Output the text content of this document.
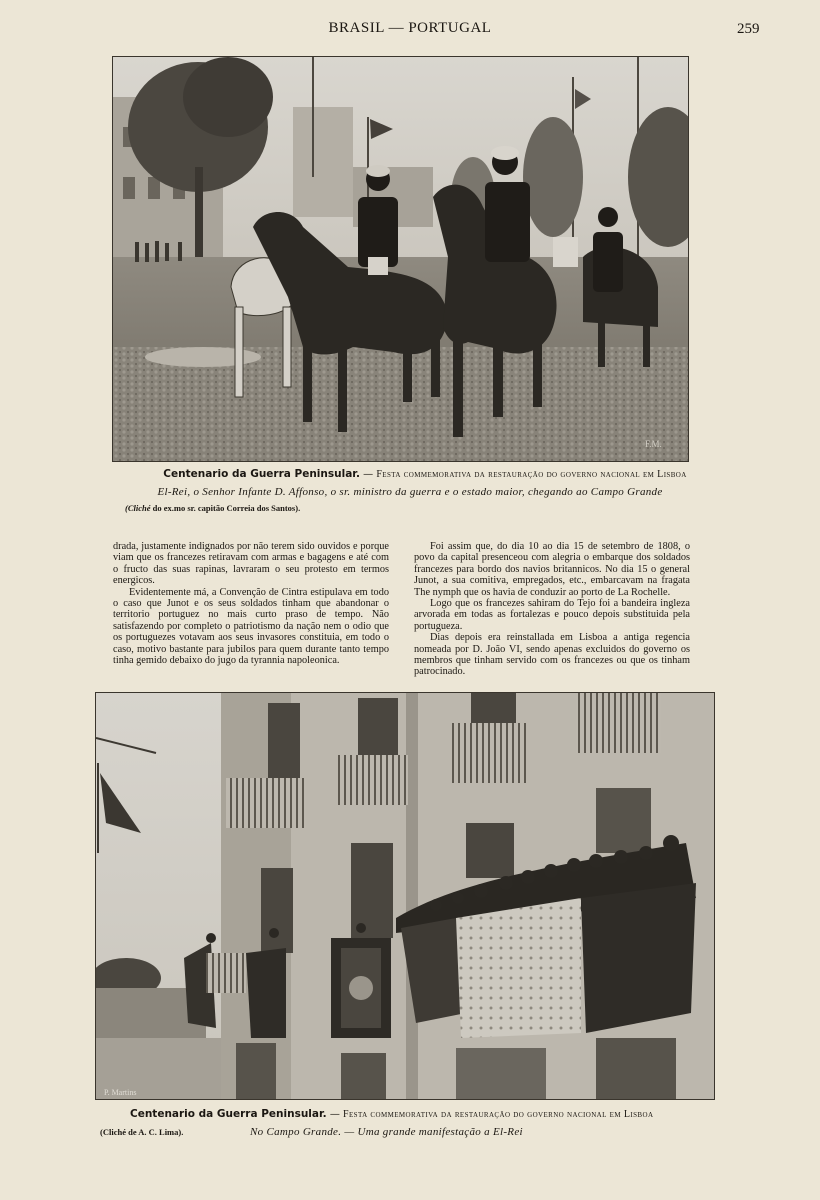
BRASIL — PORTUGAL	259
F.M.
Centenario da Guerra Peninsular. — Festa commemorativa da restauração do governo nacional em Lisboa
El-Rei, o Senhor Infante D. Affonso, o sr. ministro da guerra e o estado maior, chegando ao Campo Grande
(Cliché do ex.mo sr. capitão Correia dos Santos).

drada, justamente indignados por não terem sido ouvidos e porque viam que os francezes retiravam com armas e bagagens e até com o fructo das suas rapinas, lavraram o seu protesto em termos energicos.

Evidentemente má, a Convenção de Cintra estipulava em todo o caso que Junot e os seus soldados tinham que abandonar o territorio portuguez no mais curto praso de tempo. Não satisfazendo por completo o patriotismo da nação nem o odio que os portuguezes votavam aos seus invasores constituia, em todo o caso, motivo bastante para jubilos para quem durante tanto tempo tinha gemido debaixo do jugo da tyrannia napoleonica.

Foi assim que, do dia 10 ao dia 15 de setembro de 1808, o povo da capital presenceou com alegria o embarque dos soldados francezes para bordo dos navios britannicos. No dia 15 o general Junot, a sua comitiva, empregados, etc., embarcavam na fragata The nymph que os havia de conduzir ao porto de La Rochelle.

Logo que os francezes sahiram do Tejo foi a bandeira ingleza arvorada em todas as fortalezas e pouco depois substituida pela portugueza.

Dias depois era reinstallada em Lisboa a antiga regencia nomeada por D. João VI, sendo apenas excluidos do governo os membros que tinham servido com os francezes ou que os tinham patrocinado.

P. Martins
Centenario da Guerra Peninsular. — Festa commemorativa da restauração do governo nacional em Lisboa
(Cliché de A. C. Lima).	No Campo Grande. — Uma grande manifestação a El-Rei
